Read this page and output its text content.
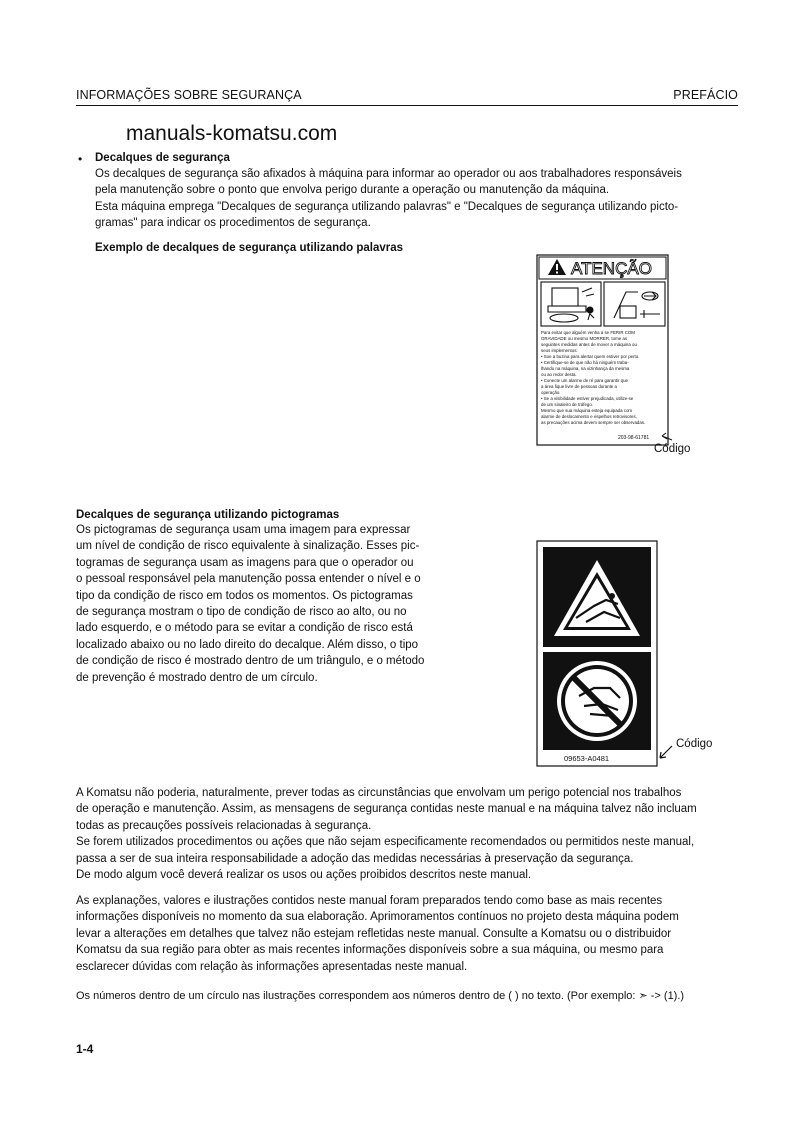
INFORMAÇÕES SOBRE SEGURANÇA	PREFÁCIO
manuals-komatsu.com
• Decalques de segurança
Os decalques de segurança são afixados à máquina para informar ao operador ou aos trabalhadores responsáveis
pela manutenção sobre o ponto que envolva perigo durante a operação ou manutenção da máquina.
Esta máquina emprega "Decalques de segurança utilizando palavras" e "Decalques de segurança utilizando picto-
gramas" para indicar os procedimentos de segurança.
Exemplo de decalques de segurança utilizando palavras
ATENÇÃO
Para evitar que alguém venha a se FERIR COM
GRAVIDADE ou mesmo MORRER, tome as
seguintes medidas antes de mover a máquina ou
seus implementos:
• Soe a buzina para alertar quem estiver por perto.
• Certifique-se de que não há ninguém traba-
lhando na máquina, na vizinhança da mesma
ou ao redor desta.
• Conecte um alarme de ré para garantir que
a área fique livre de pessoas durante a
operação.
• Se a visibilidade estiver prejudicada, utilize-se
de um sinaleiro de tráfego.
Mesmo que sua máquina esteja equipada com
alarme de deslocamento e espelhos retrovisores,
as precauções acima devem sempre ser observadas.
203-98-61781
Código
Decalques de segurança utilizando pictogramas
Os pictogramas de segurança usam uma imagem para expressar
um nível de condição de risco equivalente à sinalização. Esses pic-
togramas de segurança usam as imagens para que o operador ou
o pessoal responsável pela manutenção possa entender o nível e o
tipo da condição de risco em todos os momentos. Os pictogramas
de segurança mostram o tipo de condição de risco ao alto, ou no
lado esquerdo, e o método para se evitar a condição de risco está
localizado abaixo ou no lado direito do decalque. Além disso, o tipo
de condição de risco é mostrado dentro de um triângulo, e o método
de prevenção é mostrado dentro de um círculo.
09653-A0481
Código
A Komatsu não poderia, naturalmente, prever todas as circunstâncias que envolvam um perigo potencial nos trabalhos
de operação e manutenção. Assim, as mensagens de segurança contidas neste manual e na máquina talvez não incluam
todas as precauções possíveis relacionadas à segurança.
Se forem utilizados procedimentos ou ações que não sejam especificamente recomendados ou permitidos neste manual,
passa a ser de sua inteira responsabilidade a adoção das medidas necessárias à preservação da segurança.
De modo algum você deverá realizar os usos ou ações proibidos descritos neste manual.
As explanações, valores e ilustrações contidos neste manual foram preparados tendo como base as mais recentes
informações disponíveis no momento da sua elaboração. Aprimoramentos contínuos no projeto desta máquina podem
levar a alterações em detalhes que talvez não estejam refletidas neste manual. Consulte a Komatsu ou o distribuidor
Komatsu da sua região para obter as mais recentes informações disponíveis sobre a sua máquina, ou mesmo para
esclarecer dúvidas com relação às informações apresentadas neste manual.
Os números dentro de um círculo nas ilustrações correspondem aos números dentro de ( ) no texto. (Por exemplo: ➣ -> (1).)
1-4
